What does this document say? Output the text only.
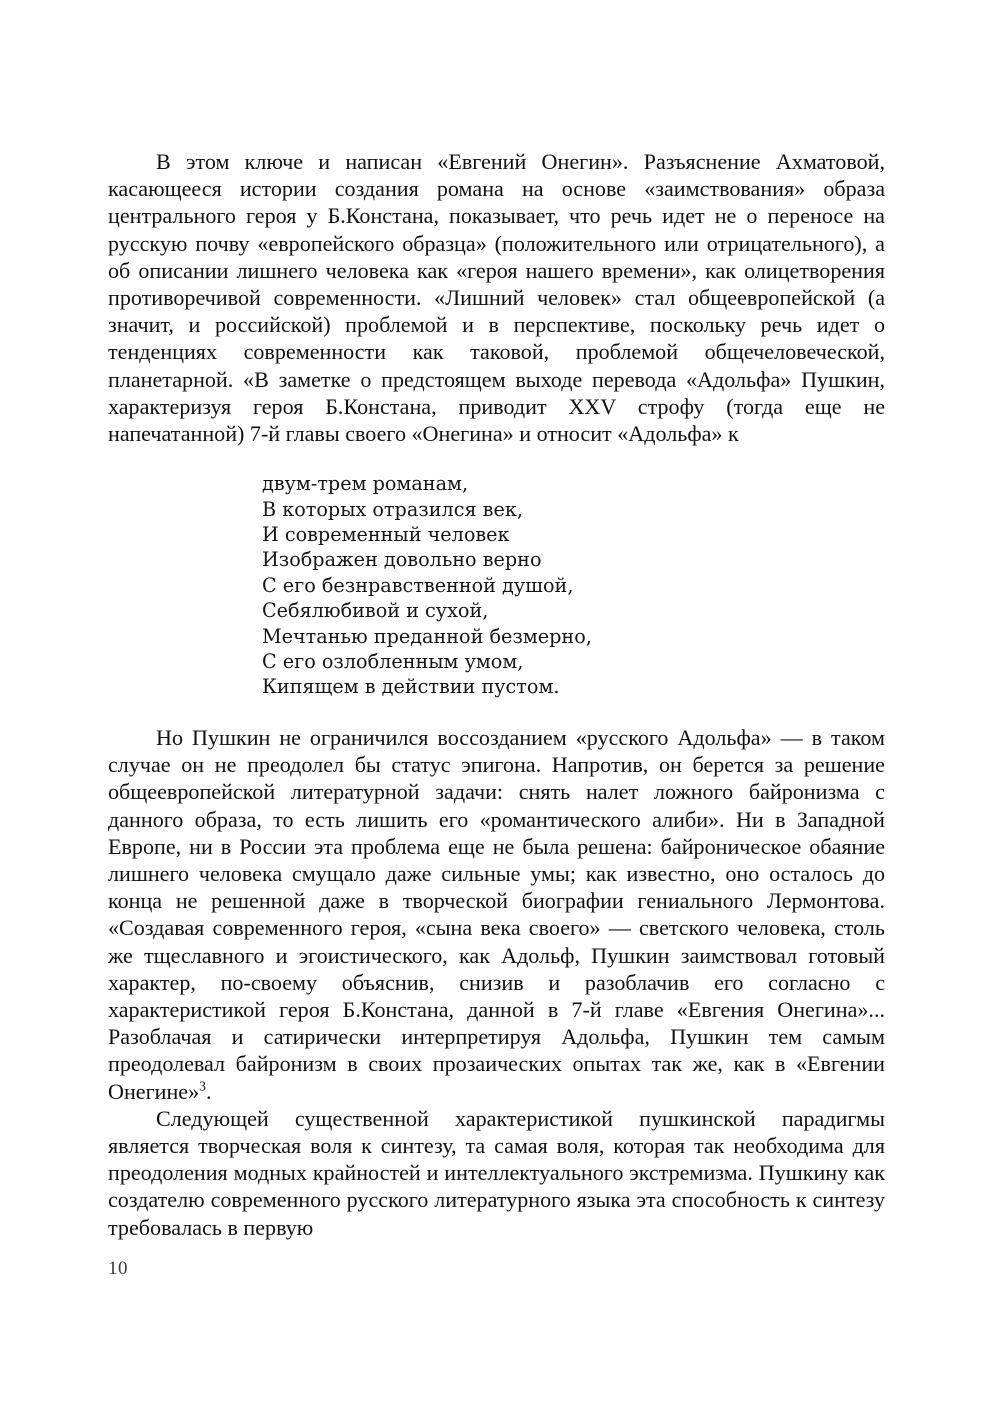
В этом ключе и написан «Евгений Онегин». Разъяснение Ахматовой, касающееся истории создания романа на основе «заимствования» образа центрального героя у Б.Констана, показывает, что речь идет не о переносе на русскую почву «европейского образца» (положительного или отрицательного), а об описании лишнего человека как «героя нашего времени», как олицетворения противоречивой современности. «Лишний человек» стал общеевропейской (а значит, и российской) проблемой и в перспективе, поскольку речь идет о тенденциях современности как таковой, проблемой общечеловеческой, планетарной. «В заметке о предстоящем выходе перевода «Адольфа» Пушкин, характеризуя героя Б.Констана, приводит XXV строфу (тогда еще не напечатанной) 7-й главы своего «Онегина» и относит «Адольфа» к

двум-трем романам,
В которых отразился век,
И современный человек
Изображен довольно верно
С его безнравственной душой,
Себялюбивой и сухой,
Мечтанью преданной безмерно,
С его озлобленным умом,
Кипящем в действии пустом.

Но Пушкин не ограничился воссозданием «русского Адольфа» — в таком случае он не преодолел бы статус эпигона. Напротив, он берется за решение общеевропейской литературной задачи: снять налет ложного байронизма с данного образа, то есть лишить его «романтического алиби». Ни в Западной Европе, ни в России эта проблема еще не была решена: байроническое обаяние лишнего человека смущало даже сильные умы; как известно, оно осталось до конца не решенной даже в творческой биографии гениального Лермонтова. «Создавая современного героя, «сына века своего» — светского человека, столь же тщеславного и эгоистического, как Адольф, Пушкин заимствовал готовый характер, по-своему объяснив, снизив и разоблачив его согласно с характеристикой героя Б.Констана, данной в 7-й главе «Евгения Онегина»... Разоблачая и сатирически интерпретируя Адольфа, Пушкин тем самым преодолевал байронизм в своих прозаических опытах так же, как в «Евгении Онегине»$^3$.

Следующей существенной характеристикой пушкинской парадигмы является творческая воля к синтезу, та самая воля, которая так необходима для преодоления модных крайностей и интеллектуального экстремизма. Пушкину как создателю современного русского литературного языка эта способность к синтезу требовалась в первую

10
